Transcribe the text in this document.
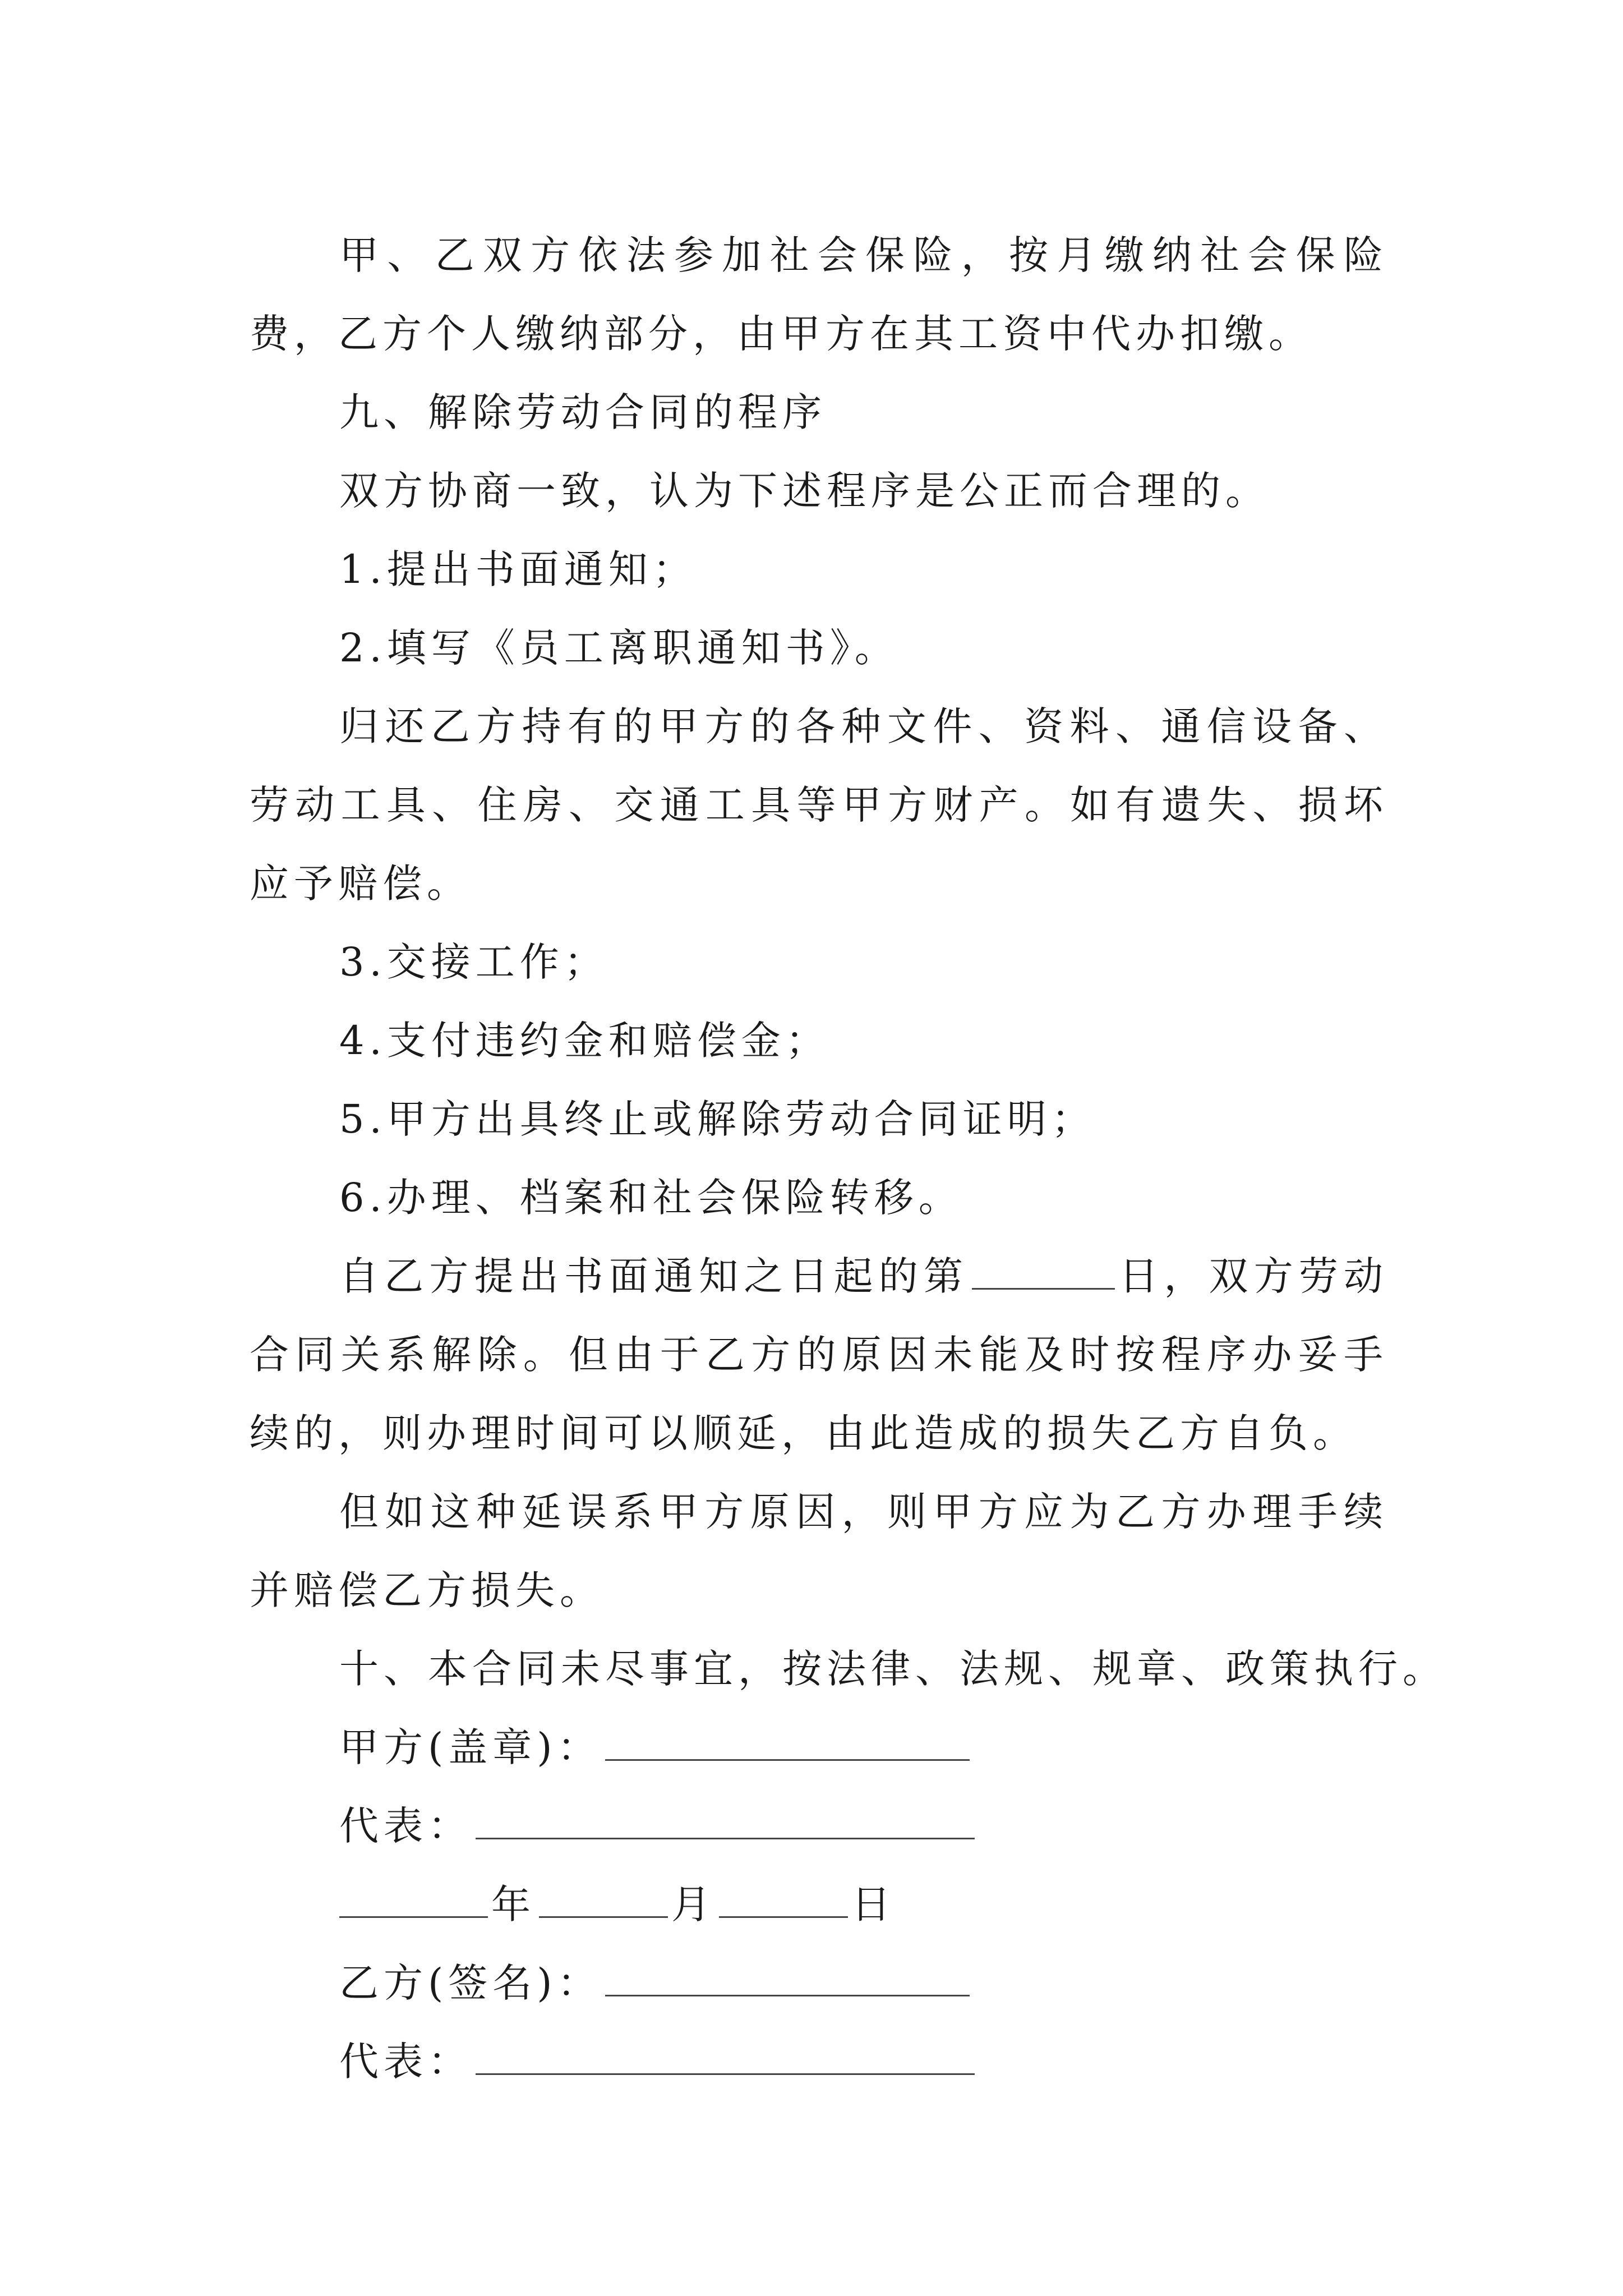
甲、乙双方依法参加社会保险，按月缴纳社会保险费，乙方个人缴纳部分，由甲方在其工资中代办扣缴。

九、解除劳动合同的程序

双方协商一致，认为下述程序是公正而合理的。

1.提出书面通知；

2.填写《员工离职通知书》。

归还乙方持有的甲方的各种文件、资料、通信设备、劳动工具、住房、交通工具等甲方财产。如有遗失、损坏应予赔偿。

3.交接工作；

4.支付违约金和赔偿金；

5.甲方出具终止或解除劳动合同证明；

6.办理、档案和社会保险转移。

自乙方提出书面通知之日起的第	日，双方劳动合同关系解除。但由于乙方的原因未能及时按程序办妥手续的，则办理时间可以顺延，由此造成的损失乙方自负。

但如这种延误系甲方原因，则甲方应为乙方办理手续并赔偿乙方损失。

十、本合同未尽事宜，按法律、法规、规章、政策执行。

甲方(盖章)：

代表：

年	月	日

乙方(签名)：

代表：
